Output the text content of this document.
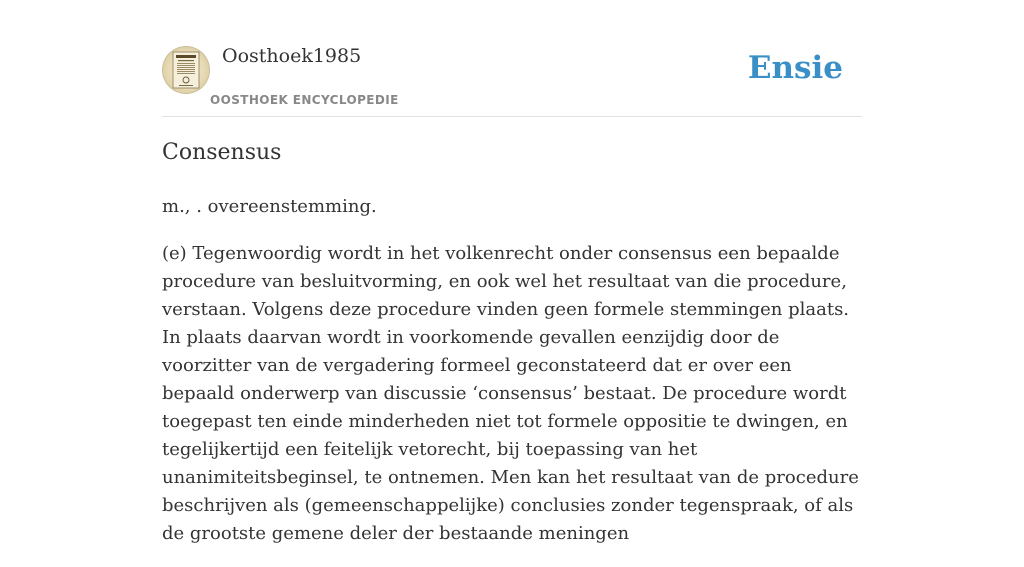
Oosthoek1985
OOSTHOEK ENCYCLOPEDIE
Ensie
Consensus

m., . overeenstemming.

(e) Tegenwoordig wordt in het volkenrecht onder consensus een bepaalde procedure van besluitvorming, en ook wel het resultaat van die procedure, verstaan. Volgens deze procedure vinden geen formele stemmingen plaats. In plaats daarvan wordt in voorkomende gevallen eenzijdig door de voorzitter van de vergadering formeel geconstateerd dat er over een bepaald onderwerp van discussie ‘consensus’ bestaat. De procedure wordt toegepast ten einde minderheden niet tot formele oppositie te dwingen, en tegelijkertijd een feitelijk vetorecht, bij toepassing van het unanimiteitsbeginsel, te ontnemen. Men kan het resultaat van de procedure beschrijven als (gemeenschappelijke) conclusies zonder tegenspraak, of als de grootste gemene deler der bestaande meningen
